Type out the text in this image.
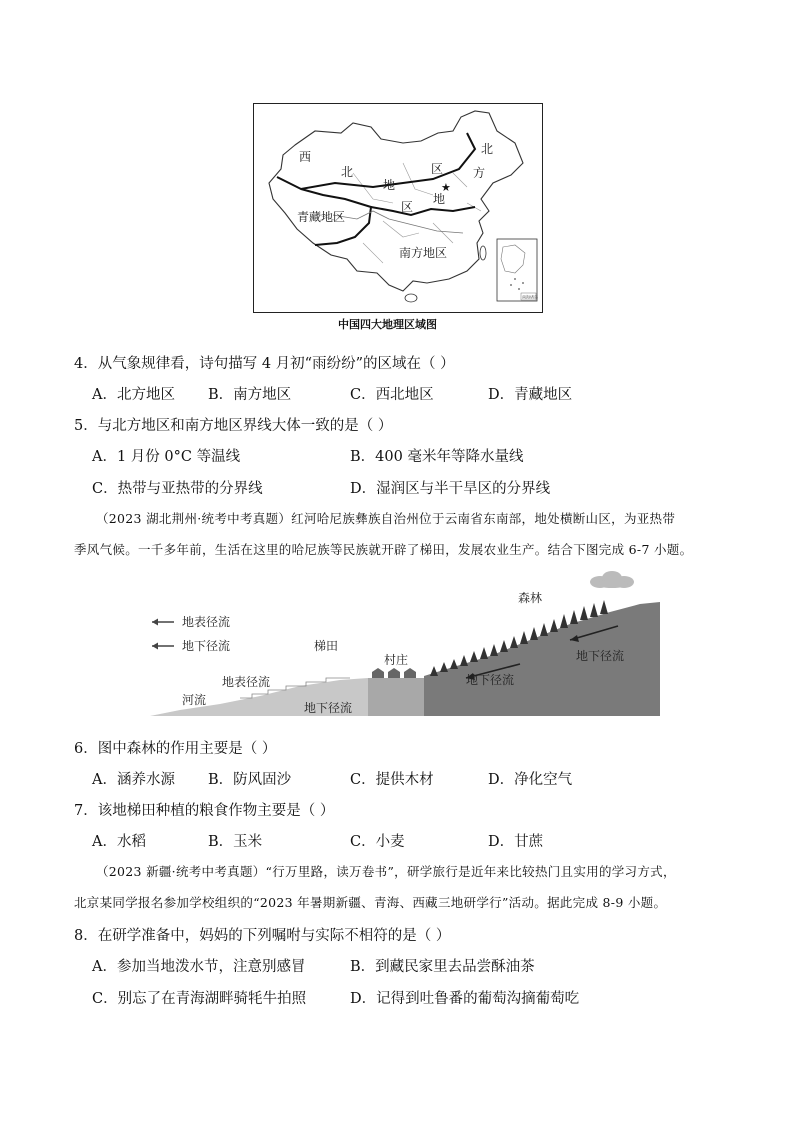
★
西
北
地
区
北
方
区
地
青藏地区
南方地区
南海诸岛
中国四大地理区域图
4．从气象规律看，诗句描写 4 月初“雨纷纷”的区域在（ ）
A．北方地区 B．南方地区	C．西北地区	D．青藏地区
5．与北方地区和南方地区界线大体一致的是（ ）
A．1 月份 0°C 等温线	B．400 毫米年等降水量线
C．热带与亚热带的分界线	D．湿润区与半干旱区的分界线
（2023 湖北荆州·统考中考真题）红河哈尼族彝族自治州位于云南省东南部，地处横断山区，为亚热带
季风气候。一千多年前，生活在这里的哈尼族等民族就开辟了梯田，发展农业生产。结合下图完成 6-7 小题。
地表径流
地下径流
森林
地下径流
地下径流
村庄
梯田
地表径流
河流
地下径流
6．图中森林的作用主要是（ ）
A．涵养水源 B．防风固沙	C．提供木材	D．净化空气
7．该地梯田种植的粮食作物主要是（ ）
A．水稻	B．玉米	C．小麦	D．甘蔗
（2023 新疆·统考中考真题）“行万里路，读万卷书”，研学旅行是近年来比较热门且实用的学习方式，
北京某同学报名参加学校组织的“2023 年暑期新疆、青海、西藏三地研学行”活动。据此完成 8-9 小题。
8．在研学准备中，妈妈的下列嘱咐与实际不相符的是（ ）
A．参加当地泼水节，注意别感冒	B．到藏民家里去品尝酥油茶
C．别忘了在青海湖畔骑牦牛拍照	D．记得到吐鲁番的葡萄沟摘葡萄吃
